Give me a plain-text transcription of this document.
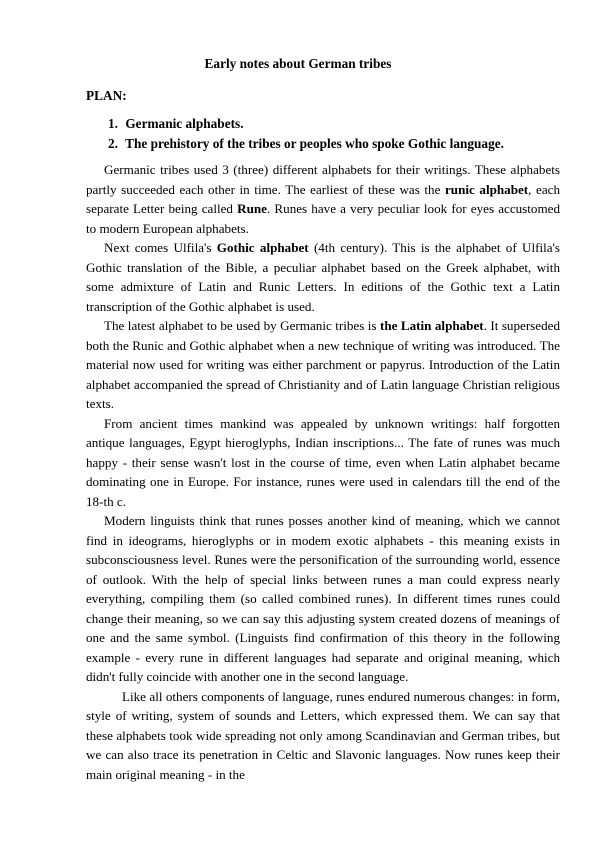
Early notes about German tribes
PLAN:
1. Germanic alphabets.
2. The prehistory of the tribes or peoples who spoke Gothic language.

Germanic tribes used 3 (three) different alphabets for their writings. These alphabets partly succeeded each other in time. The earliest of these was the runic alphabet, each separate Letter being called Rune. Runes have a very peculiar look for eyes accustomed to modern European alphabets.

Next comes Ulfila's Gothic alphabet (4th century). This is the alphabet of Ulfila's Gothic translation of the Bible, a peculiar alphabet based on the Greek alphabet, with some admixture of Latin and Runic Letters. In editions of the Gothic text a Latin transcription of the Gothic alphabet is used.

The latest alphabet to be used by Germanic tribes is the Latin alphabet. It superseded both the Runic and Gothic alphabet when a new technique of writing was introduced. The material now used for writing was either parchment or papyrus. Introduction of the Latin alphabet accompanied the spread of Christianity and of Latin language Christian religious texts.

From ancient times mankind was appealed by unknown writings: half forgotten antique languages, Egypt hieroglyphs, Indian inscriptions... The fate of runes was much happy - their sense wasn't lost in the course of time, even when Latin alphabet became dominating one in Europe. For instance, runes were used in calendars till the end of the 18-th c.

Modern linguists think that runes posses another kind of meaning, which we cannot find in ideograms, hieroglyphs or in modem exotic alphabets - this meaning exists in subconsciousness level. Runes were the personification of the surrounding world, essence of outlook. With the help of special links between runes a man could express nearly everything, compiling them (so called combined runes). In different times runes could change their meaning, so we can say this adjusting system created dozens of meanings of one and the same symbol. (Linguists find confirmation of this theory in the following example - every rune in different languages had separate and original meaning, which didn't fully coincide with another one in the second language.

Like all others components of language, runes endured numerous changes: in form, style of writing, system of sounds and Letters, which expressed them. We can say that these alphabets took wide spreading not only among Scandinavian and German tribes, but we can also trace its penetration in Celtic and Slavonic languages. Now runes keep their main original meaning - in the
